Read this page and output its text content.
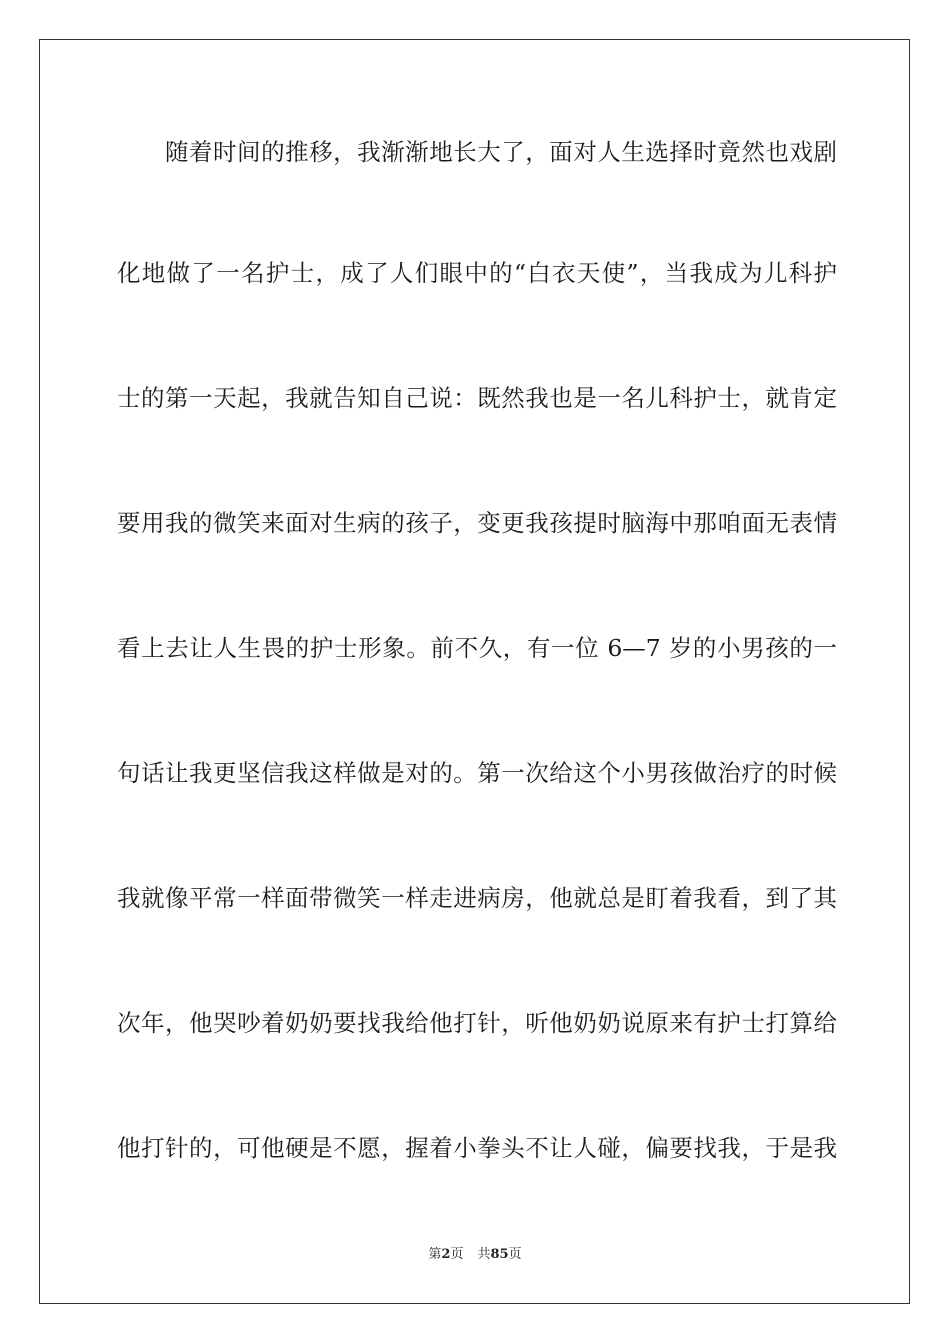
随着时间的推移，我渐渐地长大了，面对人生选择时竟然也戏剧
化地做了一名护士，成了人们眼中的“白衣天使”，当我成为儿科护
士的第一天起，我就告知自己说：既然我也是一名儿科护士，就肯定
要用我的微笑来面对生病的孩子，变更我孩提时脑海中那咱面无表情
看上去让人生畏的护士形象。前不久，有一位 6—7 岁的小男孩的一
句话让我更坚信我这样做是对的。第一次给这个小男孩做治疗的时候
我就像平常一样面带微笑一样走进病房，他就总是盯着我看，到了其
次年，他哭吵着奶奶要找我给他打针，听他奶奶说原来有护士打算给
他打针的，可他硬是不愿，握着小拳头不让人碰，偏要找我，于是我
第2页 共85页
